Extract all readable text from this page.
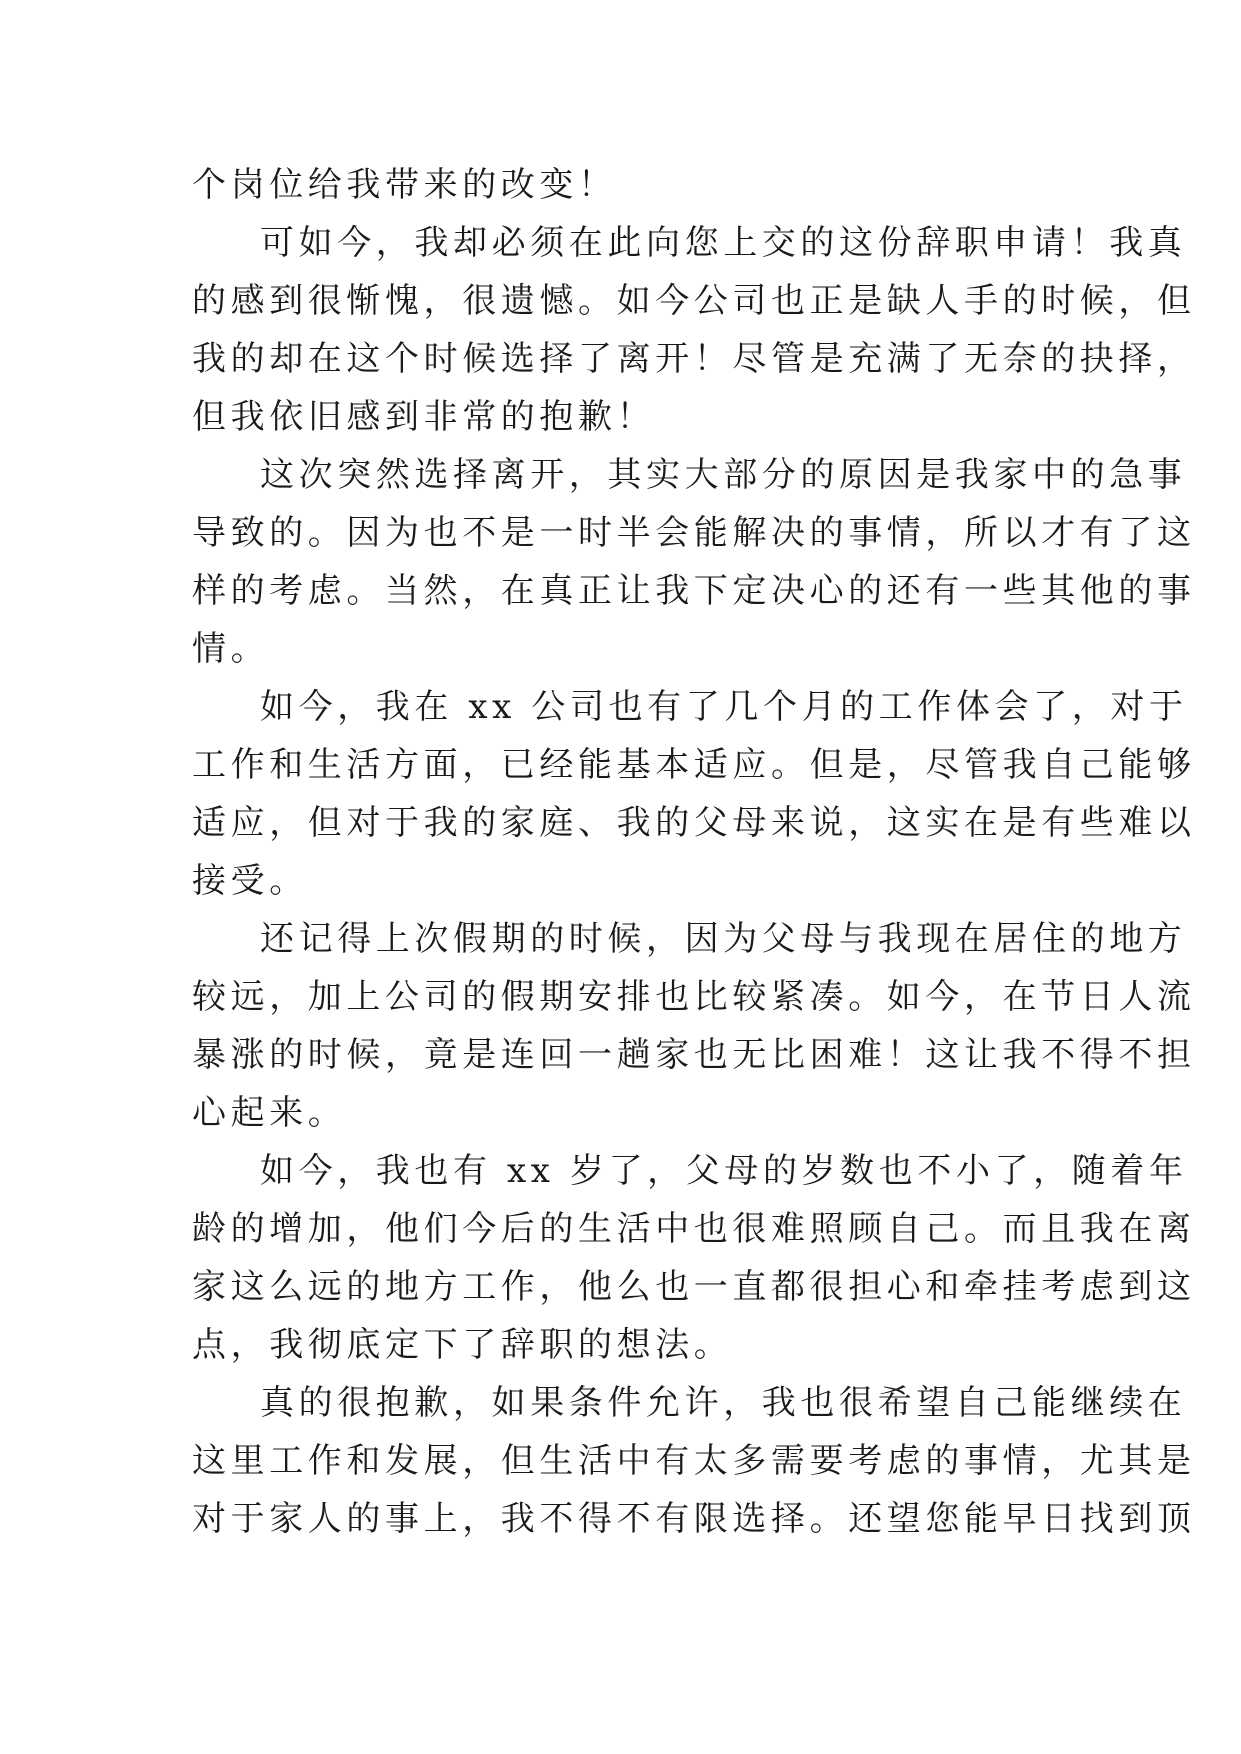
个岗位给我带来的改变！

可如今，我却必须在此向您上交的这份辞职申请！我真

的感到很惭愧，很遗憾。如今公司也正是缺人手的时候，但

我的却在这个时候选择了离开！尽管是充满了无奈的抉择，

但我依旧感到非常的抱歉！

这次突然选择离开，其实大部分的原因是我家中的急事

导致的。因为也不是一时半会能解决的事情，所以才有了这

样的考虑。当然，在真正让我下定决心的还有一些其他的事

情。

如今，我在 xx 公司也有了几个月的工作体会了，对于

工作和生活方面，已经能基本适应。但是，尽管我自己能够

适应，但对于我的家庭、我的父母来说，这实在是有些难以

接受。

还记得上次假期的时候，因为父母与我现在居住的地方

较远，加上公司的假期安排也比较紧凑。如今，在节日人流

暴涨的时候，竟是连回一趟家也无比困难！这让我不得不担

心起来。

如今，我也有 xx 岁了，父母的岁数也不小了，随着年

龄的增加，他们今后的生活中也很难照顾自己。而且我在离

家这么远的地方工作，他么也一直都很担心和牵挂考虑到这

点，我彻底定下了辞职的想法。

真的很抱歉，如果条件允许，我也很希望自己能继续在

这里工作和发展，但生活中有太多需要考虑的事情，尤其是

对于家人的事上，我不得不有限选择。还望您能早日找到顶
